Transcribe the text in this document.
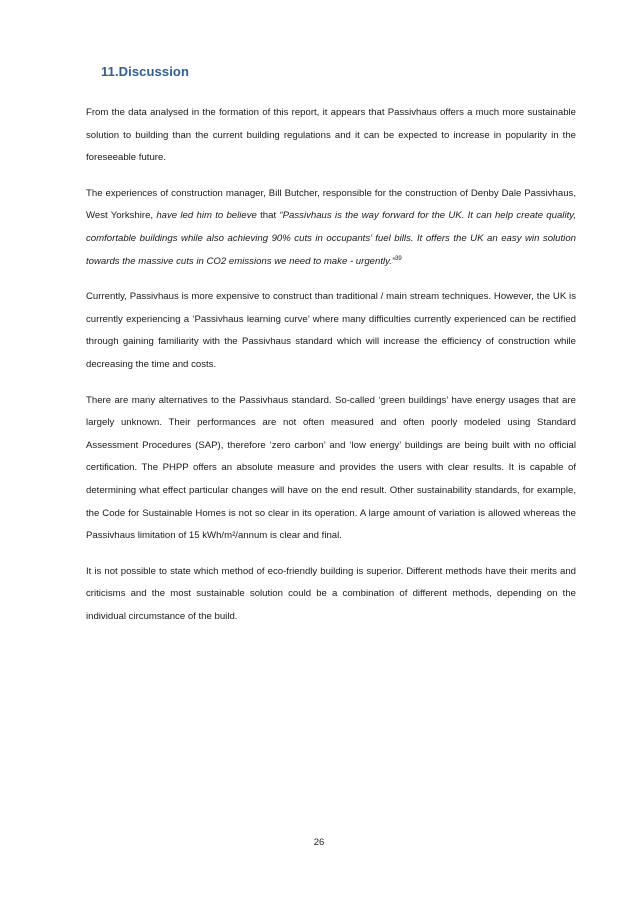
11.Discussion

From the data analysed in the formation of this report, it appears that Passivhaus offers a much more sustainable solution to building than the current building regulations and it can be expected to increase in popularity in the foreseeable future.

The experiences of construction manager, Bill Butcher, responsible for the construction of Denby Dale Passivhaus, West Yorkshire, have led him to believe that “Passivhaus is the way forward for the UK. It can help create quality, comfortable buildings while also achieving 90% cuts in occupants’ fuel bills. It offers the UK an easy win solution towards the massive cuts in CO2 emissions we need to make - urgently.”$^{39}$

Currently, Passivhaus is more expensive to construct than traditional / main stream techniques. However, the UK is currently experiencing a ‘Passivhaus learning curve’ where many difficulties currently experienced can be rectified through gaining familiarity with the Passivhaus standard which will increase the efficiency of construction while decreasing the time and costs.

There are many alternatives to the Passivhaus standard. So-called ‘green buildings’ have energy usages that are largely unknown. Their performances are not often measured and often poorly modeled using Standard Assessment Procedures (SAP), therefore ‘zero carbon’ and ‘low energy’ buildings are being built with no official certification. The PHPP offers an absolute measure and provides the users with clear results. It is capable of determining what effect particular changes will have on the end result. Other sustainability standards, for example, the Code for Sustainable Homes is not so clear in its operation. A large amount of variation is allowed whereas the Passivhaus limitation of 15 kWh/m²/annum is clear and final.

It is not possible to state which method of eco-friendly building is superior. Different methods have their merits and criticisms and the most sustainable solution could be a combination of different methods, depending on the individual circumstance of the build.

26
